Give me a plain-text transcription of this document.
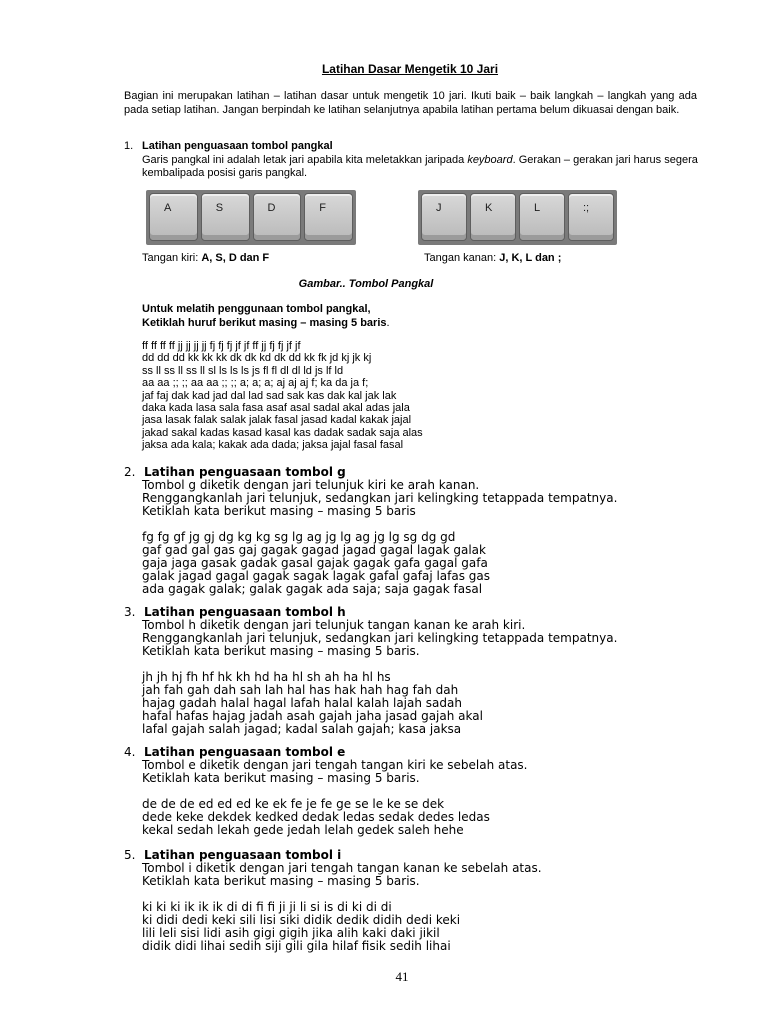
Latihan Dasar Mengetik 10 Jari
Bagian ini merupakan latihan – latihan dasar untuk mengetik 10 jari. Ikuti baik – baik langkah – langkah yang ada pada setiap latihan. Jangan berpindah ke latihan selanjutnya apabila latihan pertama belum dikuasai dengan baik.
1. Latihan penguasaan tombol pangkal
Garis pangkal ini adalah letak jari apabila kita meletakkan jaripada keyboard. Gerakan – gerakan jari harus segera kembalipada posisi garis pangkal.
A	S	D	F	J	K	L	:;
Tangan kiri: A, S, D dan F	Tangan kanan: J, K, L dan ;
Gambar.. Tombol Pangkal
Untuk melatih penggunaan tombol pangkal,
Ketiklah huruf berikut masing – masing 5 baris.
ff ff ff ff jj jj jj jj fj fj fj jf jf ff jj fj fj jf jf
dd dd dd kk kk kk dk dk kd dk dd kk fk jd kj jk kj
ss ll ss ll ss ll sl ls ls ls js fl fl dl dl ld js lf ld
aa aa ;; ;; aa aa ;; ;; a; a; a; aj aj aj f; ka da ja f;
jaf faj dak kad jad dal lad sad sak kas dak kal jak lak
daka kada lasa sala fasa asaf asal sadal akal adas jala
jasa lasak falak salak jalak fasal jasad kadal kakak jajal
jakad sakal kadas kasad kasal kas dadak sadak saja alas
jaksa ada kala; kakak ada dada; jaksa jajal fasal fasal
2. Latihan penguasaan tombol g
Tombol g diketik dengan jari telunjuk kiri ke arah kanan.
Renggangkanlah jari telunjuk, sedangkan jari kelingking tetappada tempatnya.
Ketiklah kata berikut masing – masing 5 baris
fg fg gf jg gj dg kg kg sg lg ag jg lg ag jg lg sg dg gd
gaf gad gal gas gaj gagak gagad jagad gagal lagak galak
gaja jaga gasak gadak gasal gajak gagak gafa gagal gafa
galak jagad gagal gagak sagak lagak gafal gafaj lafas gas
ada gagak galak; galak gagak ada saja; saja gagak fasal
3. Latihan penguasaan tombol h
Tombol h diketik dengan jari telunjuk tangan kanan ke arah kiri.
Renggangkanlah jari telunjuk, sedangkan jari kelingking tetappada tempatnya.
Ketiklah kata berikut masing – masing 5 baris.
jh jh hj fh hf hk kh hd ha hl sh ah ha hl hs
jah fah gah dah sah lah hal has hak hah hag fah dah
hajag gadah halal hagal lafah halal kalah lajah sadah
hafal hafas hajag jadah asah gajah jaha jasad gajah akal
lafal gajah salah jagad; kadal salah gajah; kasa jaksa
4. Latihan penguasaan tombol e
Tombol e diketik dengan jari tengah tangan kiri ke sebelah atas.
Ketiklah kata berikut masing – masing 5 baris.
de de de ed ed ed ke ek fe je fe ge se le ke se dek
dede keke dekdek kedked dedak ledas sedak dedes ledas
kekal sedah lekah gede jedah lelah gedek saleh hehe
5. Latihan penguasaan tombol i
Tombol i diketik dengan jari tengah tangan kanan ke sebelah atas.
Ketiklah kata berikut masing – masing 5 baris.
ki ki ki ik ik ik di di fi fi ji ji li si is di ki di di
ki didi dedi keki sili lisi siki didik dedik didih dedi keki
lili leli sisi lidi asih gigi gigih jika alih kaki daki jikil
didik didi lihai sedih siji gili gila hilaf fisik sedih lihai
41
